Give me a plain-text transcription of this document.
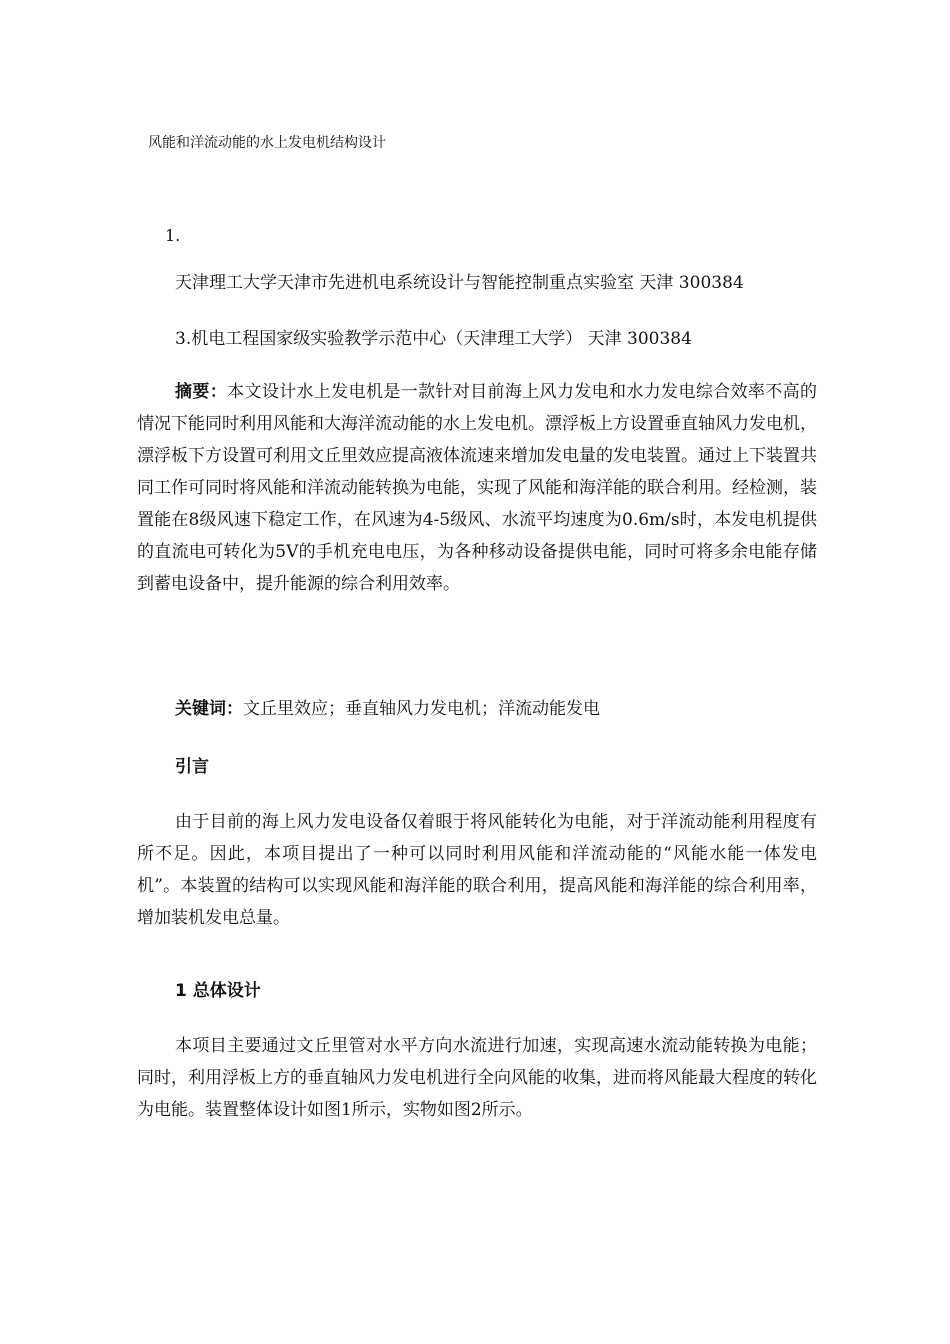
风能和洋流动能的水上发电机结构设计
1.
天津理工大学天津市先进机电系统设计与智能控制重点实验室 天津 300384
3.机电工程国家级实验教学示范中心（天津理工大学） 天津 300384

摘要：本文设计水上发电机是一款针对目前海上风力发电和水力发电综合效率不高的情况下能同时利用风能和大海洋流动能的水上发电机。漂浮板上方设置垂直轴风力发电机，漂浮板下方设置可利用文丘里效应提高液体流速来增加发电量的发电装置。通过上下装置共同工作可同时将风能和洋流动能转换为电能，实现了风能和海洋能的联合利用。经检测，装置能在8级风速下稳定工作，在风速为4-5级风、水流平均速度为0.6m/s时，本发电机提供的直流电可转化为5V的手机充电电压，为各种移动设备提供电能，同时可将多余电能存储到蓄电设备中，提升能源的综合利用效率。

关键词：文丘里效应；垂直轴风力发电机；洋流动能发电
引言

由于目前的海上风力发电设备仅着眼于将风能转化为电能，对于洋流动能利用程度有所不足。因此，本项目提出了一种可以同时利用风能和洋流动能的“风能水能一体发电机”。本装置的结构可以实现风能和海洋能的联合利用，提高风能和海洋能的综合利用率，增加装机发电总量。

1 总体设计

本项目主要通过文丘里管对水平方向水流进行加速，实现高速水流动能转换为电能；同时，利用浮板上方的垂直轴风力发电机进行全向风能的收集，进而将风能最大程度的转化为电能。装置整体设计如图1所示，实物如图2所示。
